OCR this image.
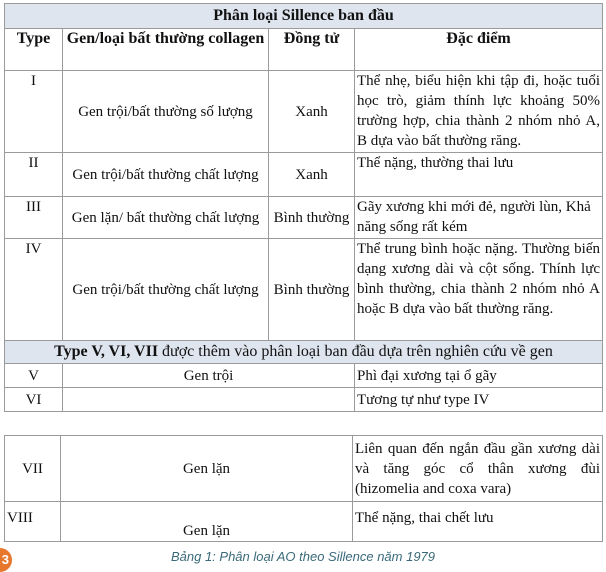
Phân loại Sillence ban đầu			
Type	Gen/loại bất thường collagen	Đồng tử	Đặc điểm
I	Gen trội/bất thường số lượng	Xanh	Thể nhẹ, biểu hiện khi tập đi, hoặc tuổi học trò, giảm thính lực khoảng 50% trường hợp, chia thành 2 nhóm nhỏ A, B dựa vào bất thường răng.
II	Gen trội/bất thường chất lượng	Xanh	Thể nặng, thường thai lưu
III	Gen lặn/ bất thường chất lượng	Bình thường	Gãy xương khi mới đẻ, người lùn, Khả năng sống rất kém
IV	Gen trội/bất thường chất lượng	Bình thường	Thể trung bình hoặc nặng. Thường biến dạng xương dài và cột sống. Thính lực bình thường, chia thành 2 nhóm nhỏ A hoặc B dựa vào bất thường răng.
Type V, VI, VII được thêm vào phân loại ban đầu dựa trên nghiên cứu về gen			
V	Gen trội		Phì đại xương tại ổ gãy
VI			Tương tự như type IV
VII	Gen lặn	Liên quan đến ngắn đầu gần xương dài và tăng góc cổ thân xương đùi (hizomelia and coxa vara)
VIII	Gen lặn	Thể nặng, thai chết lưu
3	Bảng 1: Phân loại AO theo Sillence năm 1979
